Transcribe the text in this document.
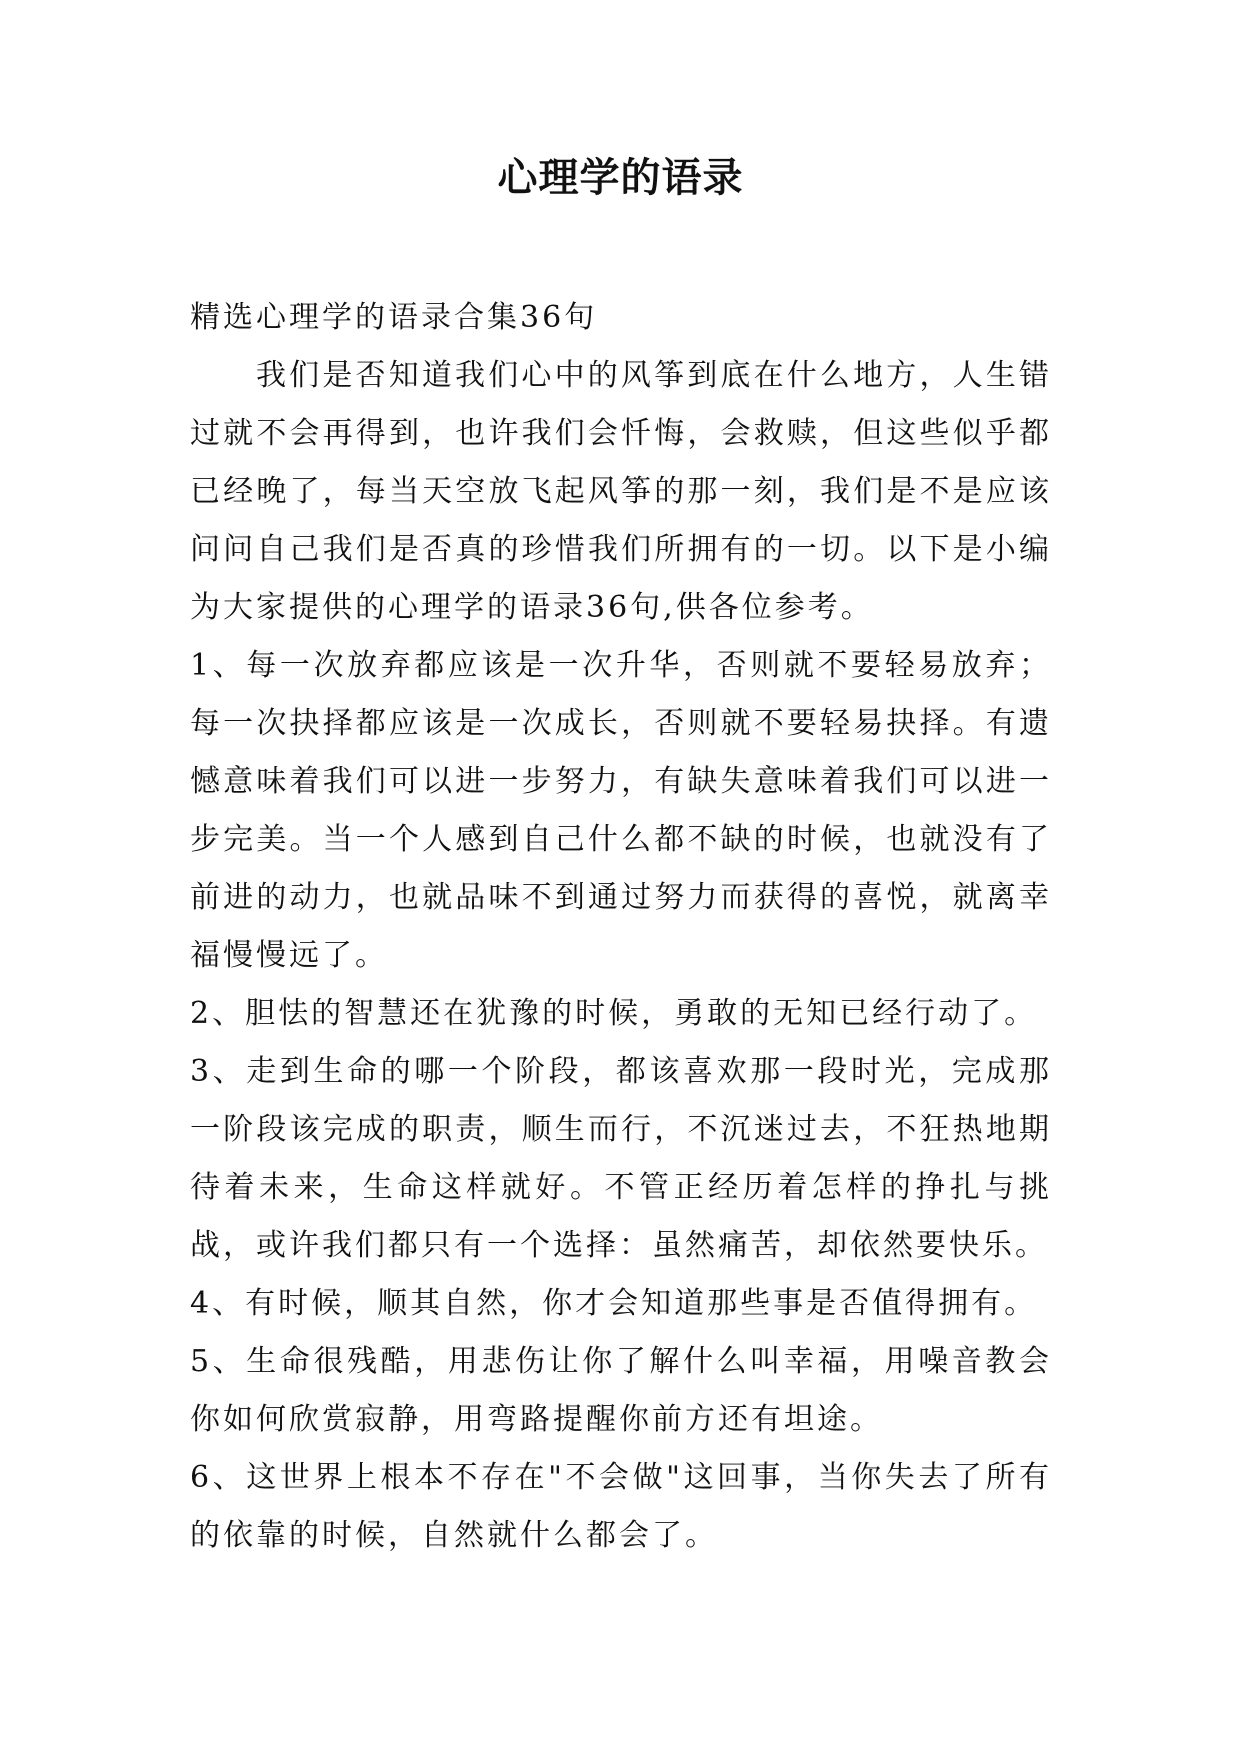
心理学的语录

精选心理学的语录合集36句

我们是否知道我们心中的风筝到底在什么地方，人生错过就不会再得到，也许我们会忏悔，会救赎，但这些似乎都已经晚了，每当天空放飞起风筝的那一刻，我们是不是应该问问自己我们是否真的珍惜我们所拥有的一切。以下是小编为大家提供的心理学的语录36句,供各位参考。

1、每一次放弃都应该是一次升华，否则就不要轻易放弃；每一次抉择都应该是一次成长，否则就不要轻易抉择。有遗憾意味着我们可以进一步努力，有缺失意味着我们可以进一步完美。当一个人感到自己什么都不缺的时候，也就没有了前进的动力，也就品味不到通过努力而获得的喜悦，就离幸福慢慢远了。

2、胆怯的智慧还在犹豫的时候，勇敢的无知已经行动了。

3、走到生命的哪一个阶段，都该喜欢那一段时光，完成那一阶段该完成的职责，顺生而行，不沉迷过去，不狂热地期待着未来，生命这样就好。不管正经历着怎样的挣扎与挑战，或许我们都只有一个选择：虽然痛苦，却依然要快乐。

4、有时候，顺其自然，你才会知道那些事是否值得拥有。

5、生命很残酷，用悲伤让你了解什么叫幸福，用噪音教会你如何欣赏寂静，用弯路提醒你前方还有坦途。

6、这世界上根本不存在"不会做"这回事，当你失去了所有的依靠的时候，自然就什么都会了。
